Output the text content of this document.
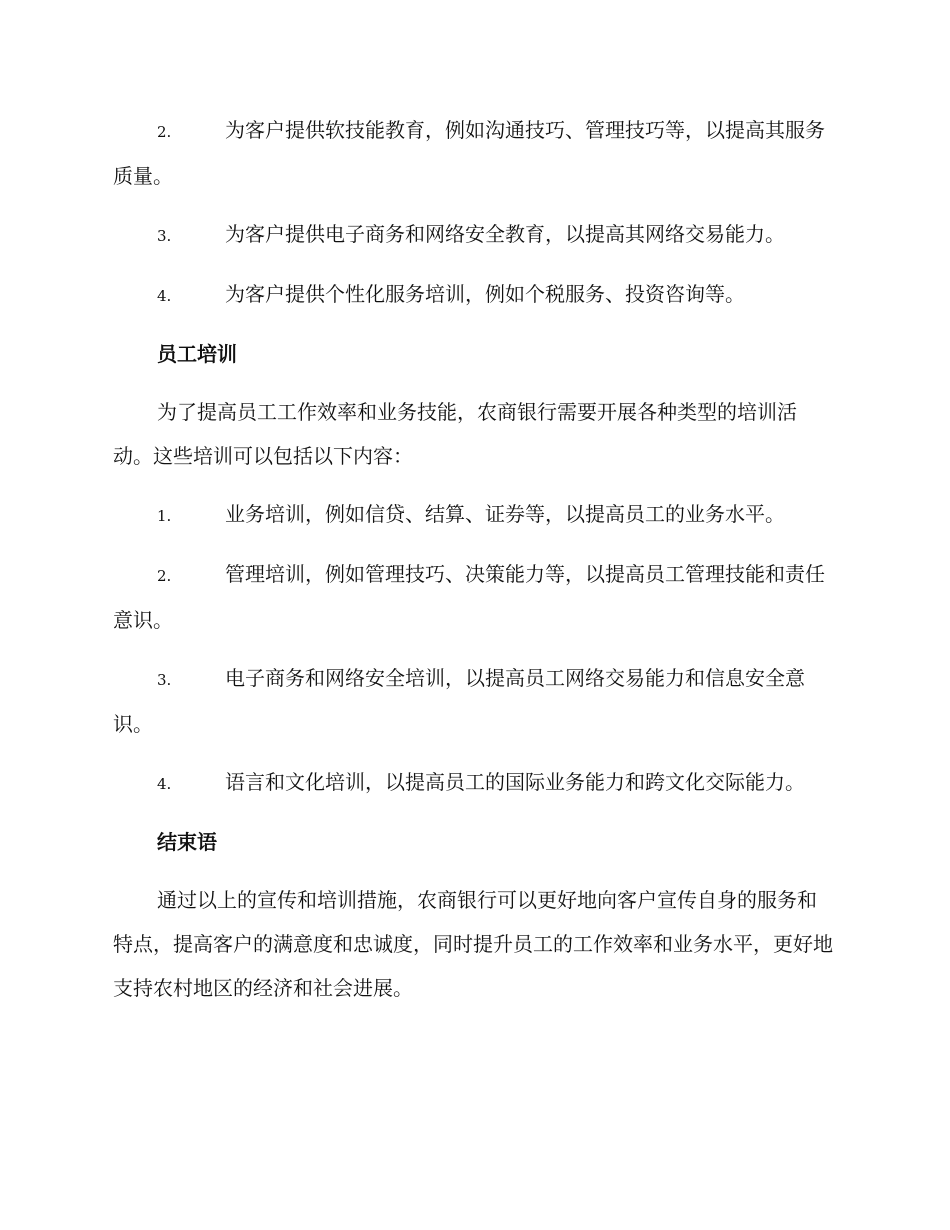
2.	为客户提供软技能教育，例如沟通技巧、管理技巧等，以提高其服务质量。
3.	为客户提供电子商务和网络安全教育，以提高其网络交易能力。
4.	为客户提供个性化服务培训，例如个税服务、投资咨询等。
员工培训
为了提高员工工作效率和业务技能，农商银行需要开展各种类型的培训活动。这些培训可以包括以下内容：
1.	业务培训，例如信贷、结算、证券等，以提高员工的业务水平。
2.	管理培训，例如管理技巧、决策能力等，以提高员工管理技能和责任意识。
3.	电子商务和网络安全培训，以提高员工网络交易能力和信息安全意识。
4.	语言和文化培训，以提高员工的国际业务能力和跨文化交际能力。
结束语
通过以上的宣传和培训措施，农商银行可以更好地向客户宣传自身的服务和特点，提高客户的满意度和忠诚度，同时提升员工的工作效率和业务水平，更好地支持农村地区的经济和社会进展。
